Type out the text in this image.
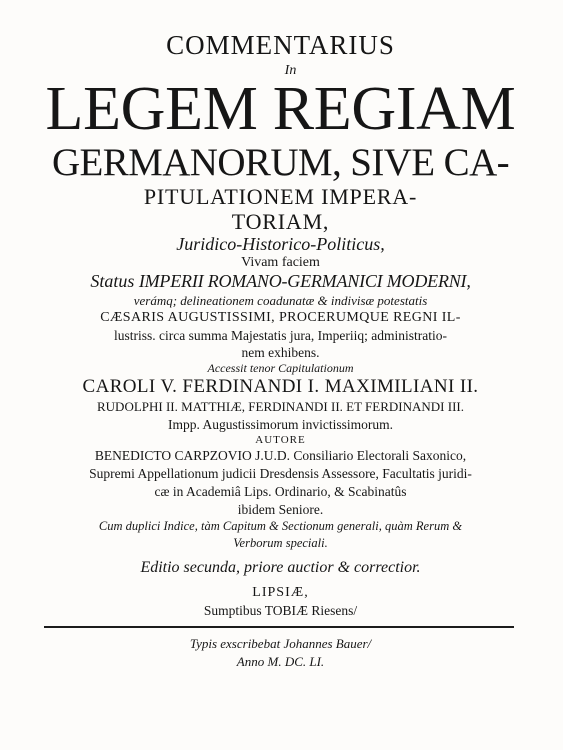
COMMENTARIUS
In
LEGEM REGIAM
GERMANORUM, SIVE CA-
PITULATIONEM IMPERA-
TORIAM,
Juridico-Historico-Politicus,
Vivam faciem
Status IMPERII ROMANO-GERMANICI MODERNI,
verámq; delineationem coadunatæ & indivisæ potestatis
CÆSARIS AUGUSTISSIMI, PROCERUMQUE REGNI IL-
lustriss. circa summa Majestatis jura, Imperiiq; administratio-
nem exhibens.
Accessit tenor Capitulationum
CAROLI V. FERDINANDI I. MAXIMILIANI II.
RUDOLPHI II. MATTHIÆ, FERDINANDI II. ET FERDINANDI III.
Impp. Augustissimorum invictissimorum.
AUTORE
BENEDICTO CARPZOVIO J.U.D. Consiliario Electorali Saxonico,
Supremi Appellationum judicii Dresdensis Assessore, Facultatis juridi-
cæ in Academiâ Lips. Ordinario, & Scabinatûs
ibidem Seniore.
Cum duplici Indice, tàm Capitum & Sectionum generali, quàm Rerum &
Verborum speciali.
Editio secunda, priore auctior & correctior.
LIPSIÆ,
Sumptibus TOBIÆ Riesens/
Typis exscribebat Johannes Bauer/
Anno M. DC. LI.
